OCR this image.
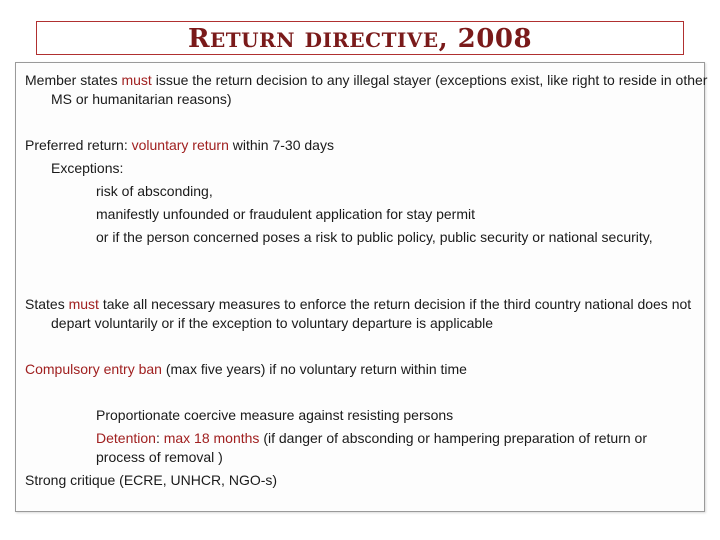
RETURN DIRECTIVE, 2008
Member states must issue the return decision to any illegal stayer (exceptions exist, like right to reside in other MS or humanitarian reasons)
Preferred return: voluntary return within 7-30 days
Exceptions:
risk of absconding,
manifestly unfounded or fraudulent application for stay permit
or if the person concerned poses a risk to public policy, public security or national security,
States must take all necessary measures to enforce the return decision if the third country national does not depart voluntarily or if the exception to voluntary departure is applicable
Compulsory entry ban (max five years) if no voluntary return within time
Proportionate coercive measure against resisting persons
Detention: max 18 months (if danger of absconding or hampering preparation of return or process of removal )
Strong critique (ECRE, UNHCR, NGO-s)
